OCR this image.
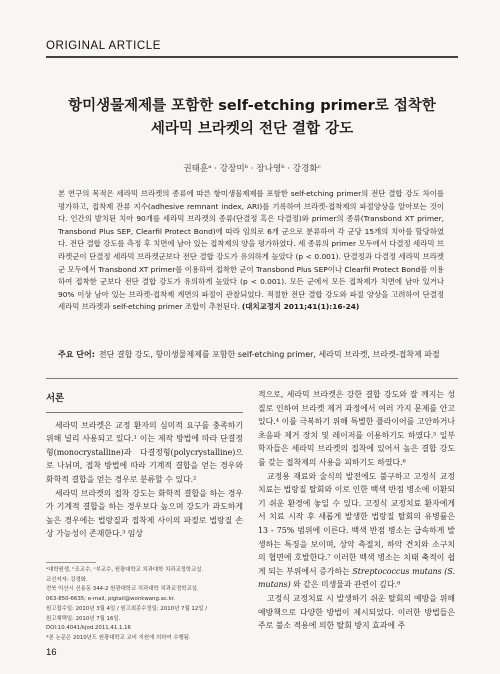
ORIGINAL ARTICLE
항미생물제제를 포함한 self-etching primer로 접착한
세라믹 브라켓의 전단 결합 강도
권태훈ᵃ · 강장미ᵇ · 장나영ᵇ · 강경화ᶜ

본 연구의 목적은 세라믹 브라켓의 종류에 따른 항미생물제제를 포함한 self-etching primer의 전단 결합 강도 차이를 평가하고, 접착제 잔류 지수(adhesive remnant index, ARI)를 기록하여 브라켓-접착제의 파절양상을 알아보는 것이다. 인간의 발치된 치아 90개를 세라믹 브라켓의 종류(단결정 혹은 다결정)와 primer의 종류(Transbond XT primer, Transbond Plus SEP, Clearfil Protect Bond)에 따라 임의로 6개 군으로 분류하여 각 군당 15개의 치아를 할당하였다. 전단 결합 강도를 측정 후 치면에 남아 있는 접착제의 양을 평가하였다. 세 종류의 primer 모두에서 다결정 세라믹 브라켓군이 단결정 세라믹 브라켓군보다 전단 결합 강도가 유의하게 높았다 (p < 0.001). 단결정과 다결정 세라믹 브라켓군 모두에서 Transbond XT primer를 이용하여 접착한 군이 Transbond Plus SEP이나 Clearfil Protect Bond를 이용하여 접착한 군보다 전단 결합 강도가 유의하게 높았다 (p < 0.001). 모든 군에서 모든 접착제가 치면에 남아 있거나 90% 이상 남아 있는 브라켓-접착제 계면의 파절이 관찰되었다. 적절한 전단 결합 강도와 파절 양상을 고려하여 단결정 세라믹 브라켓과 self-etching primer 조합이 추천된다. (대치교정지 2011;41(1):16-24)

주요 단어: 전단 결합 강도, 항미생물제제를 포함한 self-etching primer, 세라믹 브라켓, 브라켓-접착제 파절
서론

세라믹 브라켓은 교정 환자의 심미적 요구를 충족하기 위해 널리 사용되고 있다.¹ 이는 제작 방법에 따라 단결정형(monocrystalline)과 다결정형(polycrystalline)으로 나뉘며, 접착 방법에 따라 기계적 결합을 얻는 경우와 화학적 결합을 얻는 경우로 분류할 수 있다.²

세라믹 브라켓의 접착 강도는 화학적 결합을 하는 경우가 기계적 결합을 하는 경우보다 높으며 강도가 과도하게 높은 경우에는 법랑질과 접착제 사이의 파절로 법랑질 손상 가능성이 존재한다.³ 임상

ᵃ대학원생, ᵇ조교수, ᶜ부교수, 원광대학교 치과대학 치과교정학교실.
교신저자: 강경화.
전북 익산시 신용동 344-2 원광대학교 치과대학 치과교정학교실.
063-850-6635; e-mail, pigtail@wonkwang.ac.kr.
원고접수일: 2010년 3월 4일 / 원고최종수정일: 2010년 7월 12일 /
원고채택일: 2010년 7월 16일.
DOI:10.4041/kjod.2011.41.1.16
*본 논문은 2010년도 원광대학교 교비 지원에 의하여 수행됨.

적으로, 세라믹 브라켓은 강한 결합 강도와 잘 깨지는 성질로 인하여 브라켓 제거 과정에서 여러 가지 문제를 안고 있다.⁴ 이를 극복하기 위해 특별한 플라이어를 고안하거나 초음파 제거 장치 및 레이저를 이용하기도 하였다.⁵ 일부 학자들은 세라믹 브라켓의 접착에 있어서 높은 결합 강도를 갖는 접착제의 사용을 피하기도 하였다.⁶

교정용 재료와 술식의 발전에도 불구하고 고정식 교정치료는 법랑질 탈회와 이로 인한 백색 반점 병소에 이환되기 쉬운 환경에 놓일 수 있다. 고정식 교정치료 환자에게서 치료 시작 후 새롭게 발생한 법랑질 탈회의 유병률은 13 - 75% 범위에 이른다. 백색 반점 병소는 급속하게 발생하는 특징을 보이며, 상악 측절치, 하악 견치와 소구치의 협면에 호발한다.⁷ 이러한 백색 병소는 치태 축적이 쉽게 되는 부위에서 증가하는 Streptococcus mutans (S. mutans) 와 같은 미생물과 관련이 깊다.⁸

고정식 교정치료 시 발생하기 쉬운 탈회의 예방을 위해 예방책으로 다양한 방법이 제시되었다. 이러한 방법들은 주로 불소 적용에 의한 탈회 방지 효과에 주

16
